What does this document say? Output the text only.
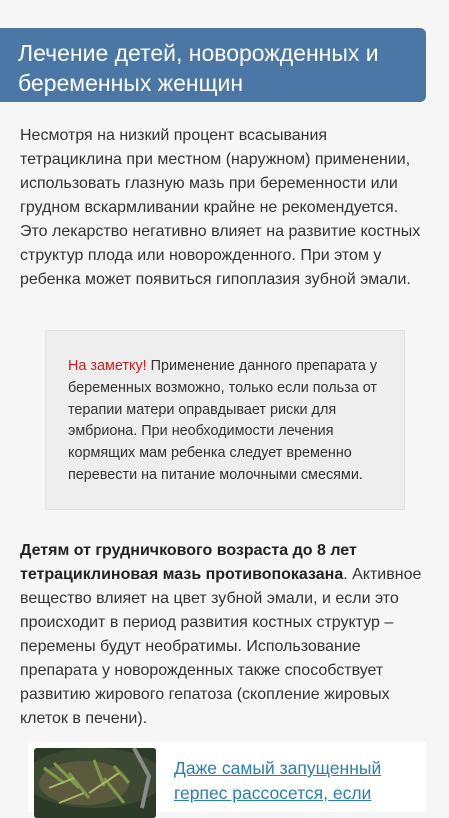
Лечение детей, новорожденных и беременных женщин

Несмотря на низкий процент всасывания тетрациклина при местном (наружном) применении, использовать глазную мазь при беременности или грудном вскармливании крайне не рекомендуется. Это лекарство негативно влияет на развитие костных структур плода или новорожденного. При этом у ребенка может появиться гипоплазия зубной эмали.

На заметку! Применение данного препарата у беременных возможно, только если польза от терапии матери оправдывает риски для эмбриона. При необходимости лечения кормящих мам ребенка следует временно перевести на питание молочными смесями.
Детям от грудничкового возраста до 8 лет тетрациклиновая мазь противопоказана. Активное вещество влияет на цвет зубной эмали, и если это происходит в период развития костных структур – перемены будут необратимы. Использование препарата у новорожденных также способствует развитию жирового гепатоза (скопление жировых клеток в печени).
Даже самый запущенный герпес рассосется, если
